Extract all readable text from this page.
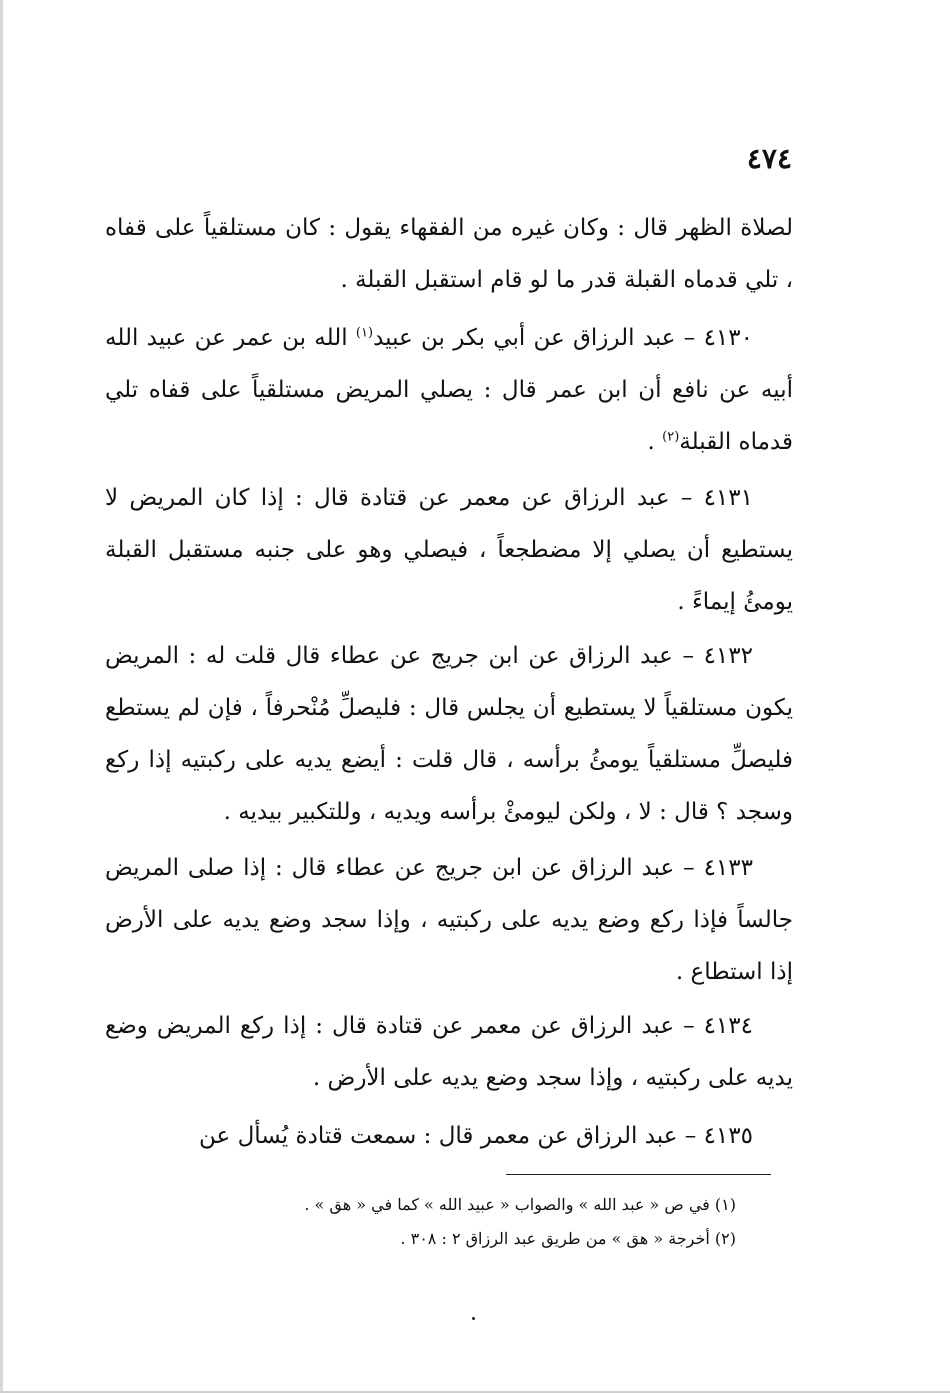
٤٧٤
لصلاة الظهر قال : وكان غيره من الفقهاء يقول : كان مستلقياً على قفاه ، تلي قدماه القبلة قدر ما لو قام استقبل القبلة .
٤١٣٠ – عبد الرزاق عن أبي بكر بن عبيد$^{(١)}$ الله بن عمر عن عبيد الله أبيه عن نافع أن ابن عمر قال : يصلي المريض مستلقياً على قفاه تلي قدماه القبلة$^{(٢)}$ .
٤١٣١ – عبد الرزاق عن معمر عن قتادة قال : إذا كان المريض لا يستطيع أن يصلي إلا مضطجعاً ، فيصلي وهو على جنبه مستقبل القبلة يومئُ إيماءً .
٤١٣٢ – عبد الرزاق عن ابن جريج عن عطاء قال قلت له : المريض يكون مستلقياً لا يستطيع أن يجلس قال : فليصلِّ مُنْحرفاً ، فإن لم يستطع فليصلِّ مستلقياً يومئُ برأسه ، قال قلت : أيضع يديه على ركبتيه إذا ركع وسجد ؟ قال : لا ، ولكن ليومئْ برأسه ويديه ، وللتكبير بيديه .
٤١٣٣ – عبد الرزاق عن ابن جريج عن عطاء قال : إذا صلى المريض جالساً فإذا ركع وضع يديه على ركبتيه ، وإذا سجد وضع يديه على الأرض إذا استطاع .
٤١٣٤ – عبد الرزاق عن معمر عن قتادة قال : إذا ركع المريض وضع يديه على ركبتيه ، وإذا سجد وضع يديه على الأرض .
٤١٣٥ – عبد الرزاق عن معمر قال : سمعت قتادة يُسأل عن
(١) في ص « عبد الله » والصواب « عبيد الله » كما في « هق » .
(٢) أخرجة « هق » من طريق عبد الرزاق ٢ : ٣٠٨ .
